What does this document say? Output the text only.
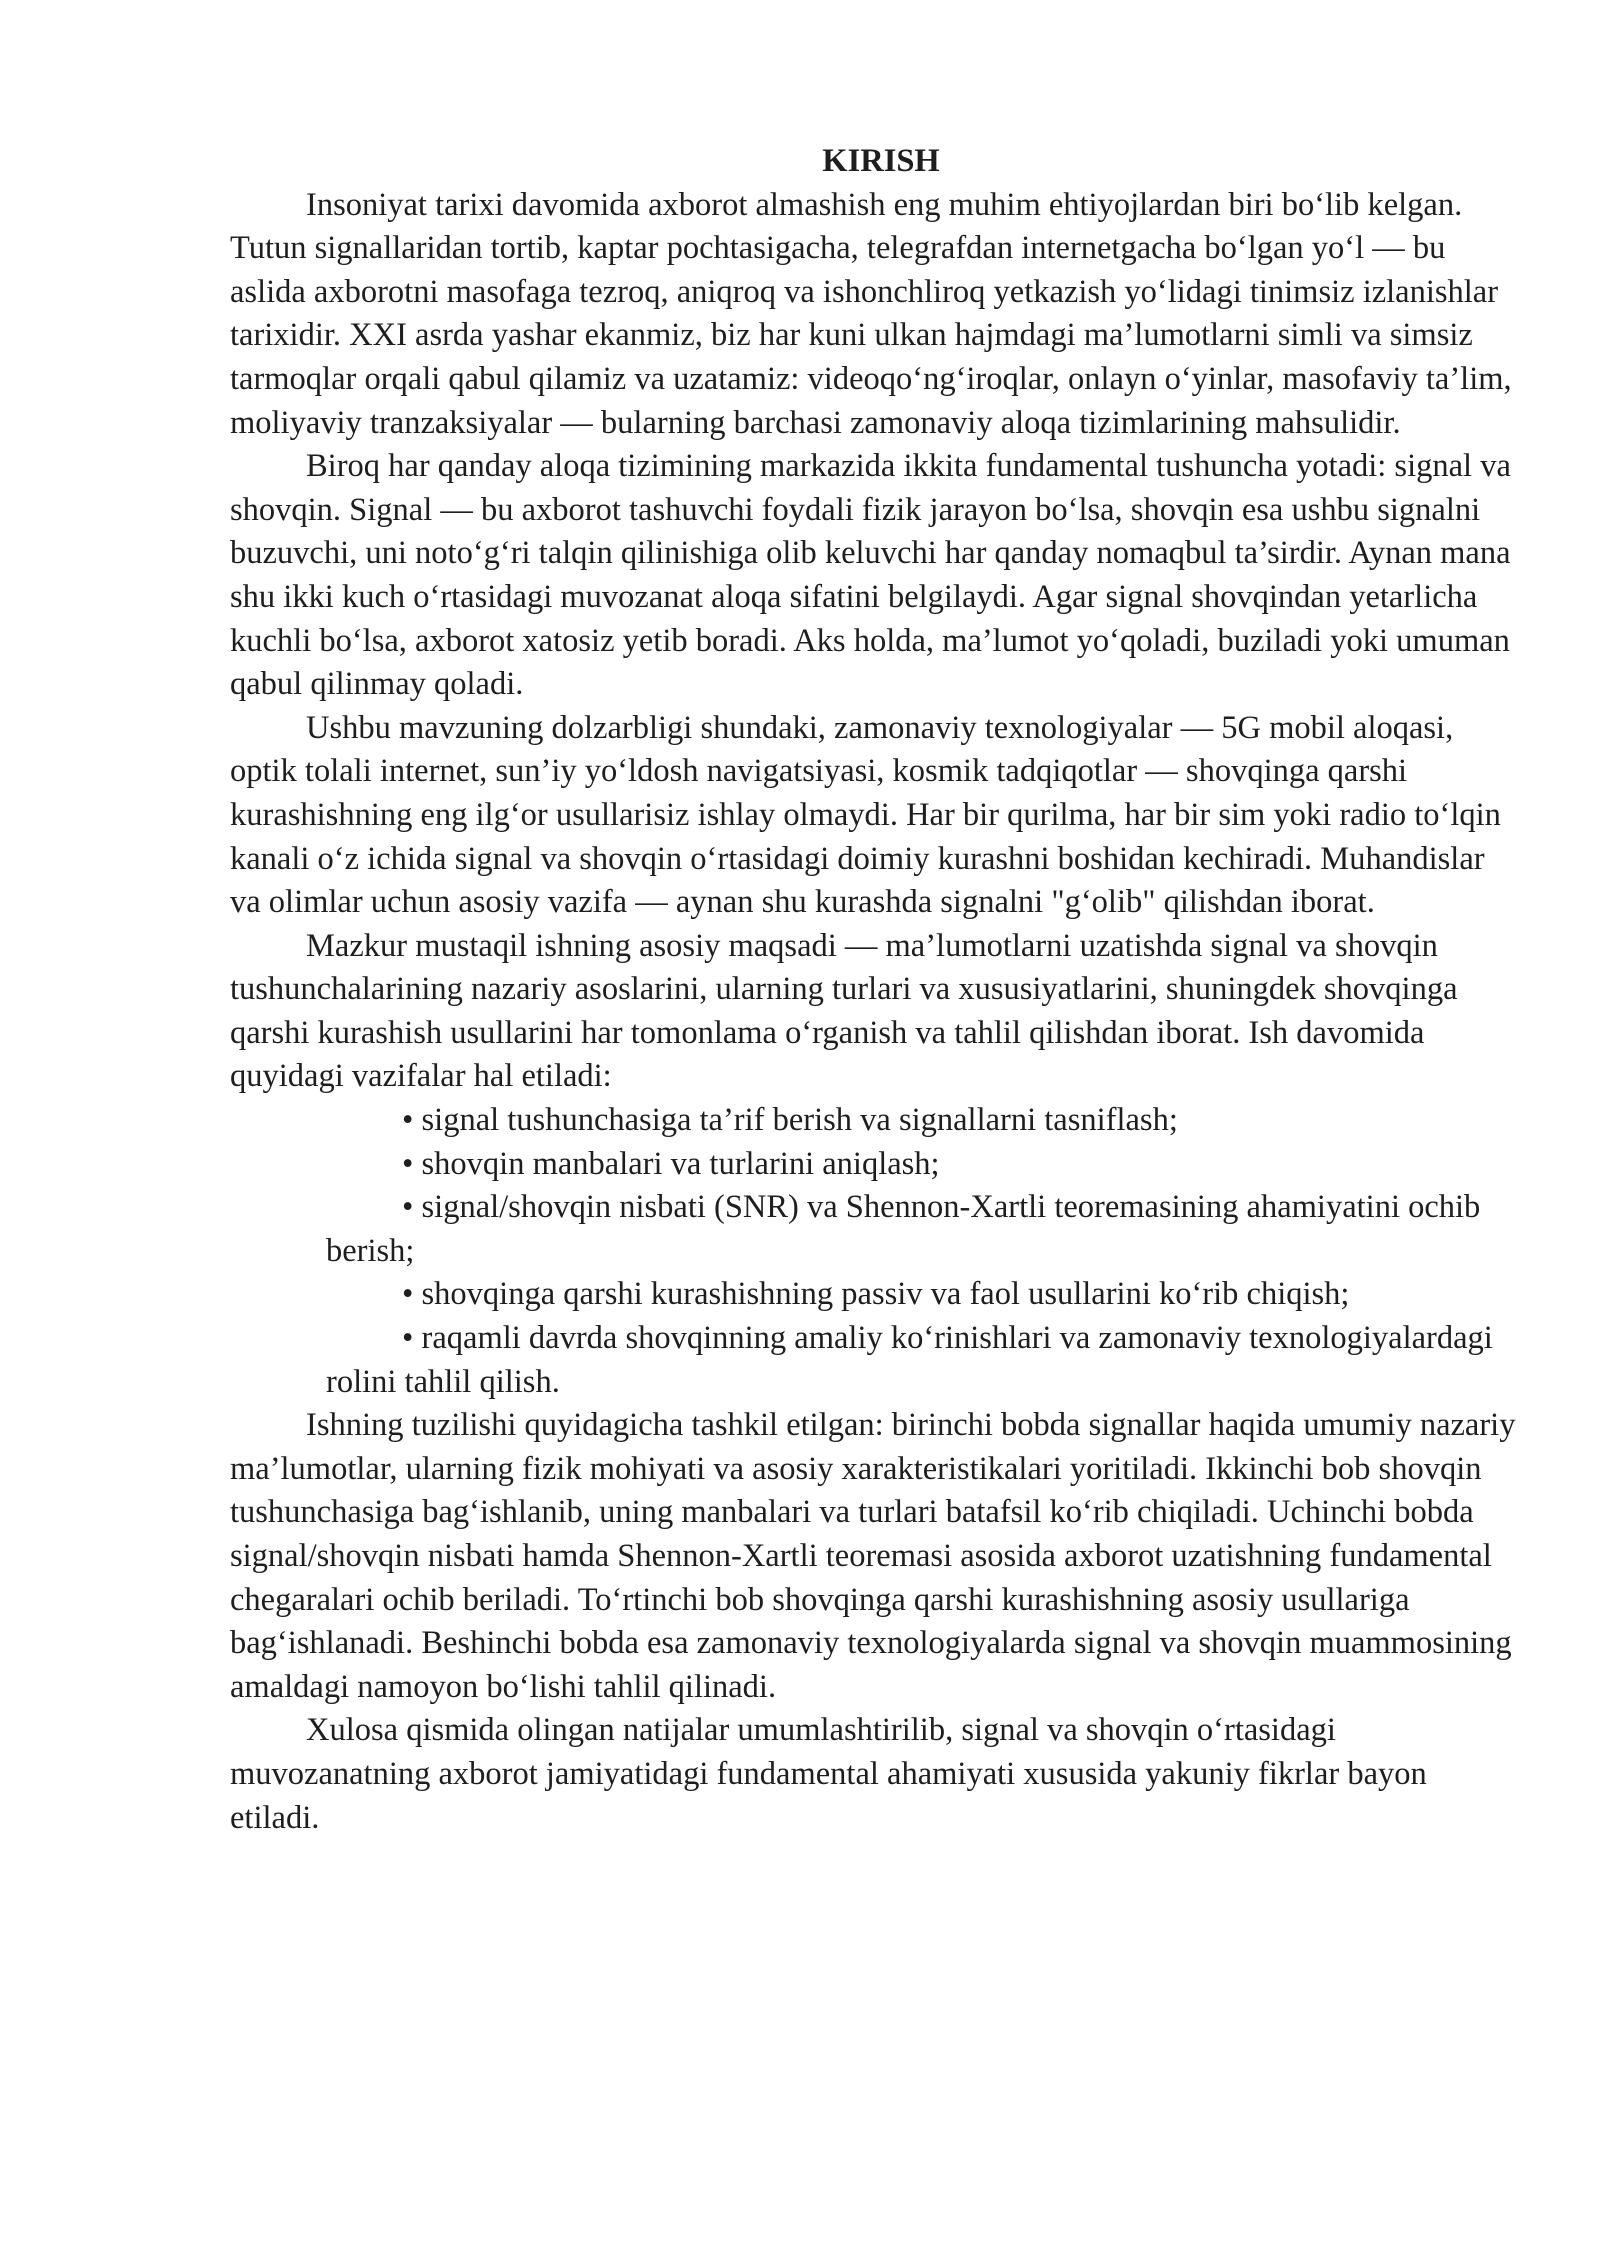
KIRISH

Insoniyat tarixi davomida axborot almashish eng muhim ehtiyojlardan biri bo‘lib kelgan. Tutun signallaridan tortib, kaptar pochtasigacha, telegrafdan internetgacha bo‘lgan yo‘l — bu aslida axborotni masofaga tezroq, aniqroq va ishonchliroq yetkazish yo‘lidagi tinimsiz izlanishlar tarixidir. XXI asrda yashar ekanmiz, biz har kuni ulkan hajmdagi ma’lumotlarni simli va simsiz tarmoqlar orqali qabul qilamiz va uzatamiz: videoqo‘ng‘iroqlar, onlayn o‘yinlar, masofaviy ta’lim, moliyaviy tranzaksiyalar — bularning barchasi zamonaviy aloqa tizimlarining mahsulidir.

Biroq har qanday aloqa tizimining markazida ikkita fundamental tushuncha yotadi: signal va shovqin. Signal — bu axborot tashuvchi foydali fizik jarayon bo‘lsa, shovqin esa ushbu signalni buzuvchi, uni noto‘g‘ri talqin qilinishiga olib keluvchi har qanday nomaqbul ta’sirdir. Aynan mana shu ikki kuch o‘rtasidagi muvozanat aloqa sifatini belgilaydi. Agar signal shovqindan yetarlicha kuchli bo‘lsa, axborot xatosiz yetib boradi. Aks holda, ma’lumot yo‘qoladi, buziladi yoki umuman qabul qilinmay qoladi.

Ushbu mavzuning dolzarbligi shundaki, zamonaviy texnologiyalar — 5G mobil aloqasi, optik tolali internet, sun’iy yo‘ldosh navigatsiyasi, kosmik tadqiqotlar — shovqinga qarshi kurashishning eng ilg‘or usullarisiz ishlay olmaydi. Har bir qurilma, har bir sim yoki radio to‘lqin kanali o‘z ichida signal va shovqin o‘rtasidagi doimiy kurashni boshidan kechiradi. Muhandislar va olimlar uchun asosiy vazifa — aynan shu kurashda signalni "g‘olib" qilishdan iborat.

Mazkur mustaqil ishning asosiy maqsadi — ma’lumotlarni uzatishda signal va shovqin tushunchalarining nazariy asoslarini, ularning turlari va xususiyatlarini, shuningdek shovqinga qarshi kurashish usullarini har tomonlama o‘rganish va tahlil qilishdan iborat. Ish davomida quyidagi vazifalar hal etiladi:

• signal tushunchasiga ta’rif berish va signallarni tasniflash;
• shovqin manbalari va turlarini aniqlash;
• signal/shovqin nisbati (SNR) va Shennon-Xartli teoremasining ahamiyatini ochib berish;
• shovqinga qarshi kurashishning passiv va faol usullarini ko‘rib chiqish;
• raqamli davrda shovqinning amaliy ko‘rinishlari va zamonaviy texnologiyalardagi rolini tahlil qilish.

Ishning tuzilishi quyidagicha tashkil etilgan: birinchi bobda signallar haqida umumiy nazariy ma’lumotlar, ularning fizik mohiyati va asosiy xarakteristikalari yoritiladi. Ikkinchi bob shovqin tushunchasiga bag‘ishlanib, uning manbalari va turlari batafsil ko‘rib chiqiladi. Uchinchi bobda signal/shovqin nisbati hamda Shennon-Xartli teoremasi asosida axborot uzatishning fundamental chegaralari ochib beriladi. To‘rtinchi bob shovqinga qarshi kurashishning asosiy usullariga bag‘ishlanadi. Beshinchi bobda esa zamonaviy texnologiyalarda signal va shovqin muammosining amaldagi namoyon bo‘lishi tahlil qilinadi.

Xulosa qismida olingan natijalar umumlashtirilib, signal va shovqin o‘rtasidagi muvozanatning axborot jamiyatidagi fundamental ahamiyati xususida yakuniy fikrlar bayon etiladi.
